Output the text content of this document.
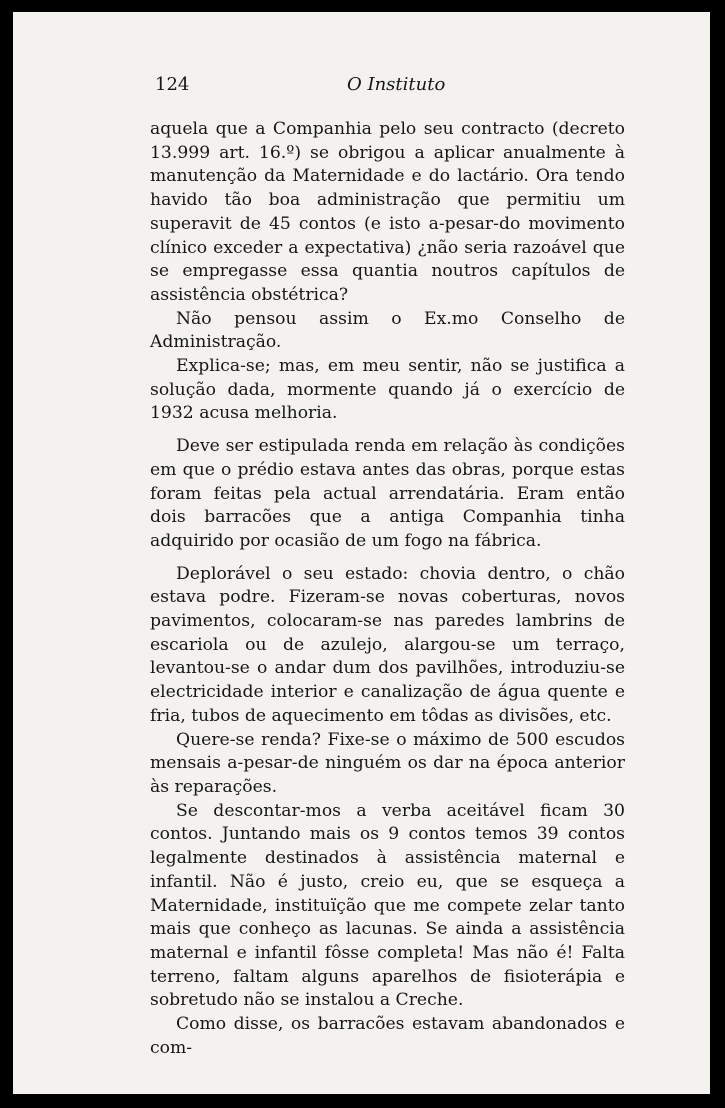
124	O Instituto

aquela que a Companhia pelo seu contracto (decreto 13.999 art. 16.º) se obrigou a aplicar anualmente à manutenção da Maternidade e do lactário. Ora tendo havido tão boa administração que permitiu um superavit de 45 contos (e isto a-pesar-do movimento clínico exceder a expectativa) ¿não seria razoável que se empregasse essa quantia noutros capítulos de assistência obstétrica?

Não pensou assim o Ex.mo Conselho de Administração.

Explica-se; mas, em meu sentir, não se justifica a solução dada, mormente quando já o exercício de 1932 acusa melhoria.

Deve ser estipulada renda em relação às condições em que o prédio estava antes das obras, porque estas foram feitas pela actual arrendatária. Eram então dois barracões que a antiga Companhia tinha adquirido por ocasião de um fogo na fábrica.

Deplorável o seu estado: chovia dentro, o chão estava podre. Fizeram-se novas coberturas, novos pavimentos, colocaram-se nas paredes lambrins de escariola ou de azulejo, alargou-se um terraço, levantou-se o andar dum dos pavilhões, introduziu-se electricidade interior e canalização de água quente e fria, tubos de aquecimento em tôdas as divisões, etc.

Quere-se renda? Fixe-se o máximo de 500 escudos mensais a-pesar-de ninguém os dar na época anterior às reparações.

Se descontar-mos a verba aceitável ficam 30 contos. Juntando mais os 9 contos temos 39 contos legalmente destinados à assistência maternal e infantil. Não é justo, creio eu, que se esqueça a Maternidade, instituïção que me compete zelar tanto mais que conheço as lacunas. Se ainda a assistência maternal e infantil fôsse completa! Mas não é! Falta terreno, faltam alguns aparelhos de fisioterápia e sobretudo não se instalou a Creche.

Como disse, os barracões estavam abandonados e com-
